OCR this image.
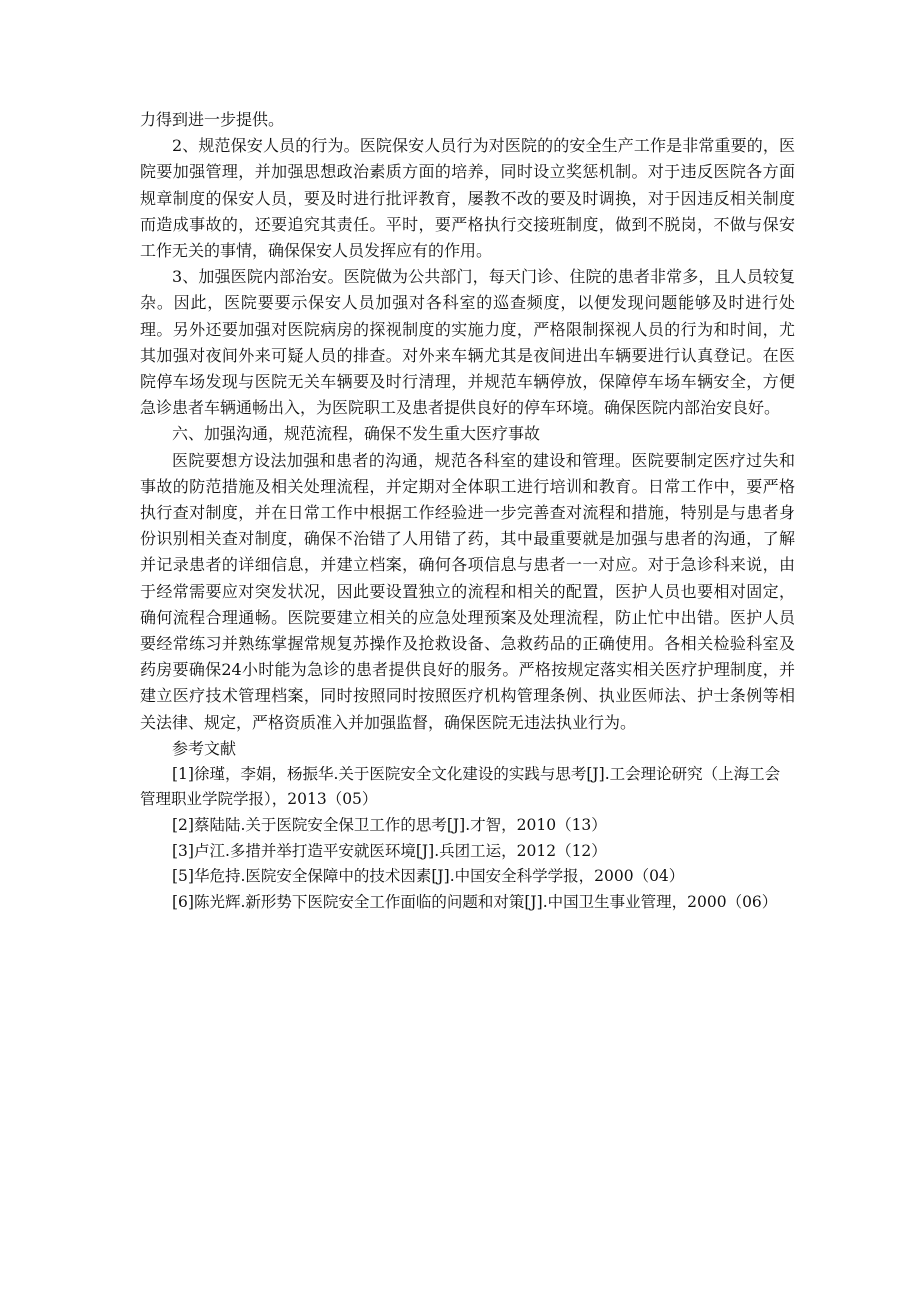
力得到进一步提供。

2、规范保安人员的行为。医院保安人员行为对医院的的安全生产工作是非常重要的，医院要加强管理，并加强思想政治素质方面的培养，同时设立奖惩机制。对于违反医院各方面规章制度的保安人员，要及时进行批评教育，屡教不改的要及时调换，对于因违反相关制度而造成事故的，还要追究其责任。平时，要严格执行交接班制度，做到不脱岗，不做与保安工作无关的事情，确保保安人员发挥应有的作用。

3、加强医院内部治安。医院做为公共部门，每天门诊、住院的患者非常多，且人员较复杂。因此，医院要要示保安人员加强对各科室的巡查频度，以便发现问题能够及时进行处理。另外还要加强对医院病房的探视制度的实施力度，严格限制探视人员的行为和时间，尤其加强对夜间外来可疑人员的排查。对外来车辆尤其是夜间进出车辆要进行认真登记。在医院停车场发现与医院无关车辆要及时行清理，并规范车辆停放，保障停车场车辆安全，方便急诊患者车辆通畅出入，为医院职工及患者提供良好的停车环境。确保医院内部治安良好。

六、加强沟通，规范流程，确保不发生重大医疗事故

医院要想方设法加强和患者的沟通，规范各科室的建设和管理。医院要制定医疗过失和事故的防范措施及相关处理流程，并定期对全体职工进行培训和教育。日常工作中，要严格执行查对制度，并在日常工作中根据工作经验进一步完善查对流程和措施，特别是与患者身份识别相关查对制度，确保不治错了人用错了药，其中最重要就是加强与患者的沟通，了解并记录患者的详细信息，并建立档案，确何各项信息与患者一一对应。对于急诊科来说，由于经常需要应对突发状况，因此要设置独立的流程和相关的配置，医护人员也要相对固定，确何流程合理通畅。医院要建立相关的应急处理预案及处理流程，防止忙中出错。医护人员要经常练习并熟练掌握常规复苏操作及抢救设备、急救药品的正确使用。各相关检验科室及药房要确保24小时能为急诊的患者提供良好的服务。严格按规定落实相关医疗护理制度，并建立医疗技术管理档案，同时按照同时按照医疗机构管理条例、执业医师法、护士条例等相关法律、规定，严格资质准入并加强监督，确保医院无违法执业行为。

参考文献

[1]徐瑾，李娟，杨振华.关于医院安全文化建设的实践与思考[J].工会理论研究（上海工会管理职业学院学报），2013（05）

[2]蔡陆陆.关于医院安全保卫工作的思考[J].才智，2010（13）

[3]卢江.多措并举打造平安就医环境[J].兵团工运，2012（12）

[5]华危持.医院安全保障中的技术因素[J].中国安全科学学报，2000（04）

[6]陈光辉.新形势下医院安全工作面临的问题和对策[J].中国卫生事业管理，2000（06）
